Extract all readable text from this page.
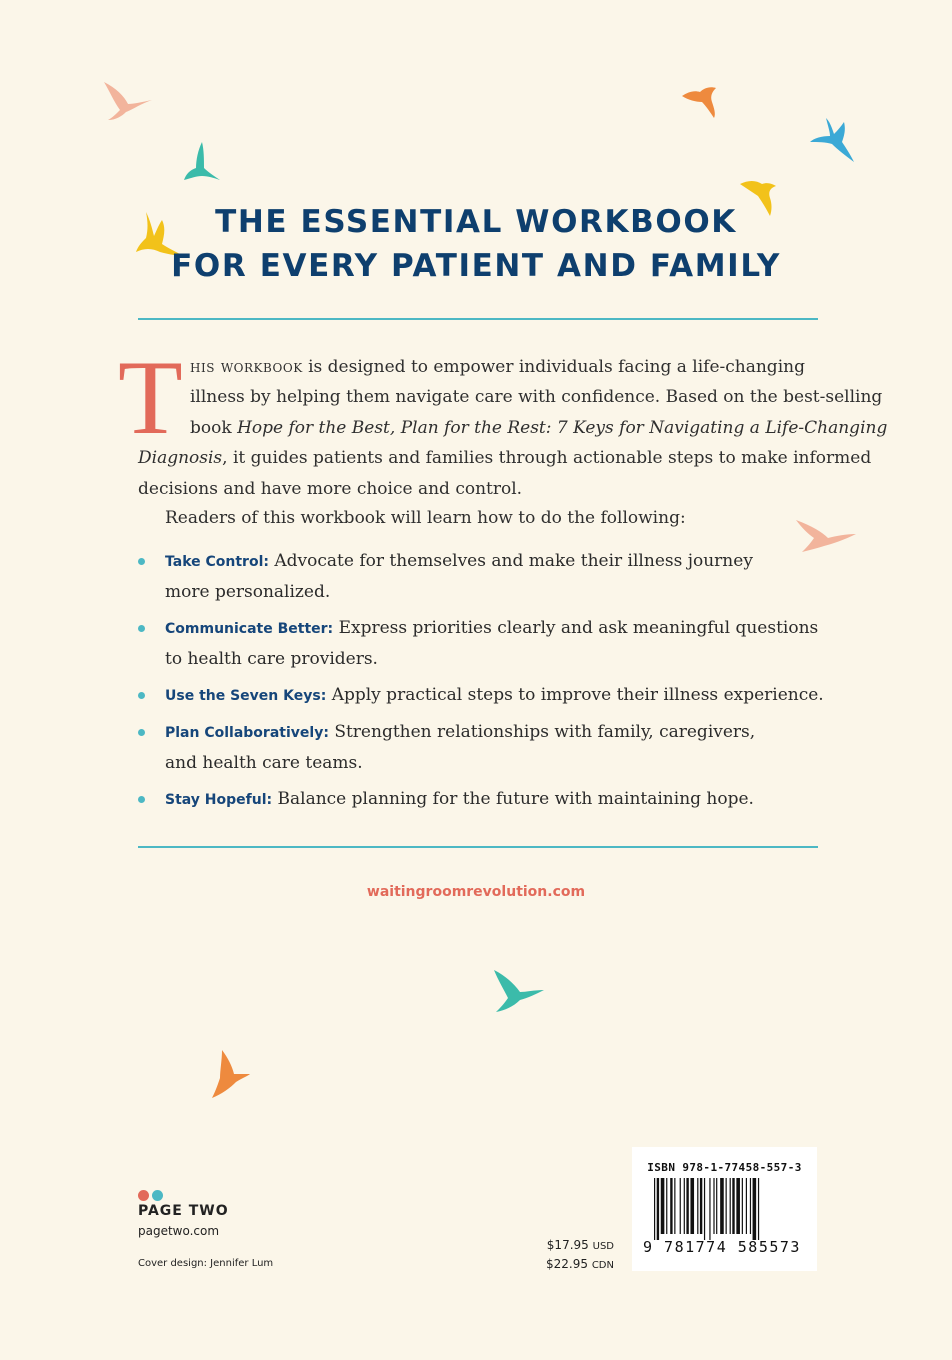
THE ESSENTIAL WORKBOOK
FOR EVERY PATIENT AND FAMILY
T his workbook is designed to empower individuals facing a life-changing
illness by helping them navigate care with confidence. Based on the best-selling
book Hope for the Best, Plan for the Rest: 7 Keys for Navigating a Life-Changing
Diagnosis, it guides patients and families through actionable steps to make informed
decisions and have more choice and control.

Readers of this workbook will learn how to do the following:

Take Control: Advocate for themselves and make their illness journey
more personalized.
Communicate Better: Express priorities clearly and ask meaningful questions
to health care providers.
Use the Seven Keys: Apply practical steps to improve their illness experience.
Plan Collaboratively: Strengthen relationships with family, caregivers,
and health care teams.
Stay Hopeful: Balance planning for the future with maintaining hope.
waitingroomrevolution.com
PAGE TWO
pagetwo.com
Cover design: Jennifer Lum
$17.95 USD
$22.95 CDN
ISBN 978-1-77458-557-3
9 781774 585573
